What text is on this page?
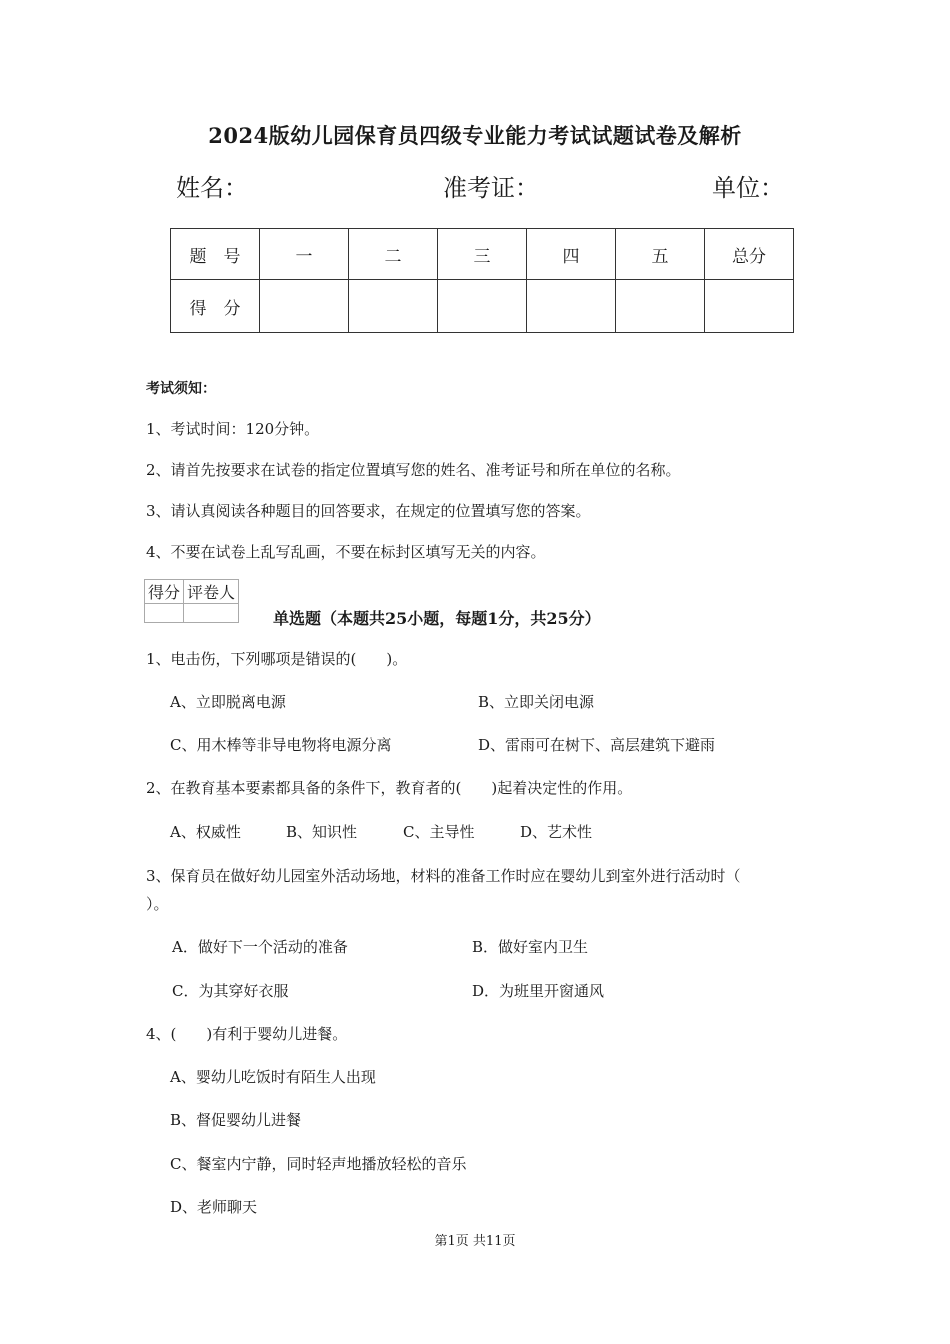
2024版幼儿园保育员四级专业能力考试试题试卷及解析
姓名：	准考证：	单位：
题　号	一	二	三	四	五	总分
得　分						
考试须知：
1、考试时间：120分钟。
2、请首先按要求在试卷的指定位置填写您的姓名、准考证号和所在单位的名称。
3、请认真阅读各种题目的回答要求，在规定的位置填写您的答案。
4、不要在试卷上乱写乱画，不要在标封区填写无关的内容。
得分	评卷人

单选题（本题共25小题，每题1分，共25分）
1、电击伤，下列哪项是错误的(　　)。
A、立即脱离电源	B、立即关闭电源
C、用木棒等非导电物将电源分离	D、雷雨可在树下、高层建筑下避雨
2、在教育基本要素都具备的条件下，教育者的(　　)起着决定性的作用。
A、权威性	B、知识性	C、主导性	D、艺术性
3、保育员在做好幼儿园室外活动场地，材料的准备工作时应在婴幼儿到室外进行活动时（
）。
A．做好下一个活动的准备	B．做好室内卫生
C．为其穿好衣服	D．为班里开窗通风
4、(　　)有利于婴幼儿进餐。
A、婴幼儿吃饭时有陌生人出现
B、督促婴幼儿进餐
C、餐室内宁静，同时轻声地播放轻松的音乐
D、老师聊天
第1页 共11页
